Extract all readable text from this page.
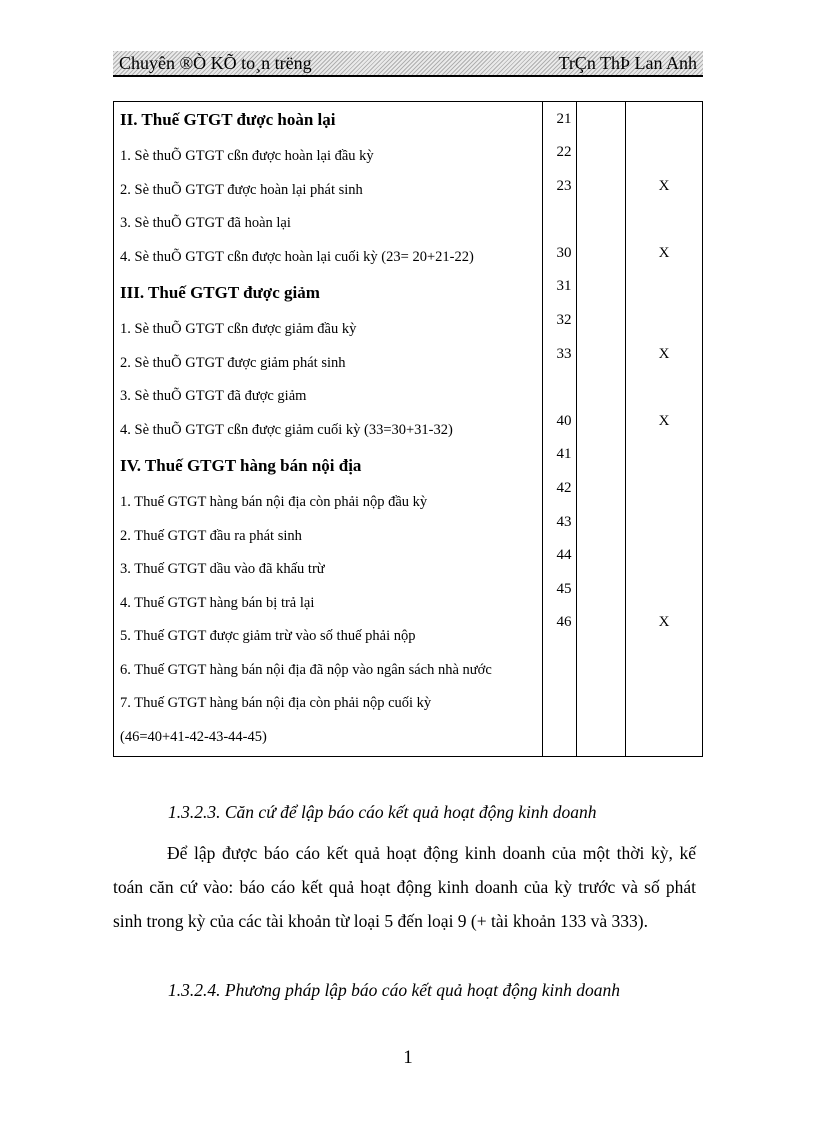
Chuyên ®Ò KÕ to¸n trëng	TrÇn ThÞ Lan Anh
II. Thuế GTGT được hoàn lại
1. Sè thuÕ GTGT cßn được hoàn lại đầu kỳ
2. Sè thuÕ GTGT được hoàn lại phát sinh
3. Sè thuÕ GTGT đã hoàn lại
4. Sè thuÕ GTGT cßn được hoàn lại cuối kỳ (23= 20+21-22)
III. Thuế GTGT được giảm
1. Sè thuÕ GTGT cßn được giảm đầu kỳ
2. Sè thuÕ GTGT được giảm phát sinh
3. Sè thuÕ GTGT đã được giảm
4. Sè thuÕ GTGT cßn được giảm cuối kỳ (33=30+31-32)
IV. Thuế GTGT hàng bán nội địa
1. Thuế GTGT hàng bán nội địa còn phải nộp đầu kỳ
2. Thuế GTGT đầu ra phát sinh
3. Thuế GTGT dầu vào đã khấu trừ
4. Thuế GTGT hàng bán bị trả lại
5. Thuế GTGT được giảm trừ vào số thuế phải nộp
6. Thuế GTGT hàng bán nội địa đã nộp vào ngân sách nhà nước
7. Thuế GTGT hàng bán nội địa còn phải nộp cuối kỳ
(46=40+41-42-43-44-45)
21
22
23
30
31
32
33
40
41
42
43
44
45
46
X
X
X
X
X
1.3.2.3. Căn cứ để lập báo cáo kết quả hoạt động kinh doanh
Để lập được báo cáo kết quả hoạt động kinh doanh của một thời kỳ, kế toán căn cứ vào: báo cáo kết quả hoạt động kinh doanh của kỳ trước và số phát sinh trong kỳ của các tài khoản từ loại 5 đến loại 9 (+ tài khoản 133 và 333).
1.3.2.4. Phương pháp lập báo cáo kết quả hoạt động kinh doanh
1
